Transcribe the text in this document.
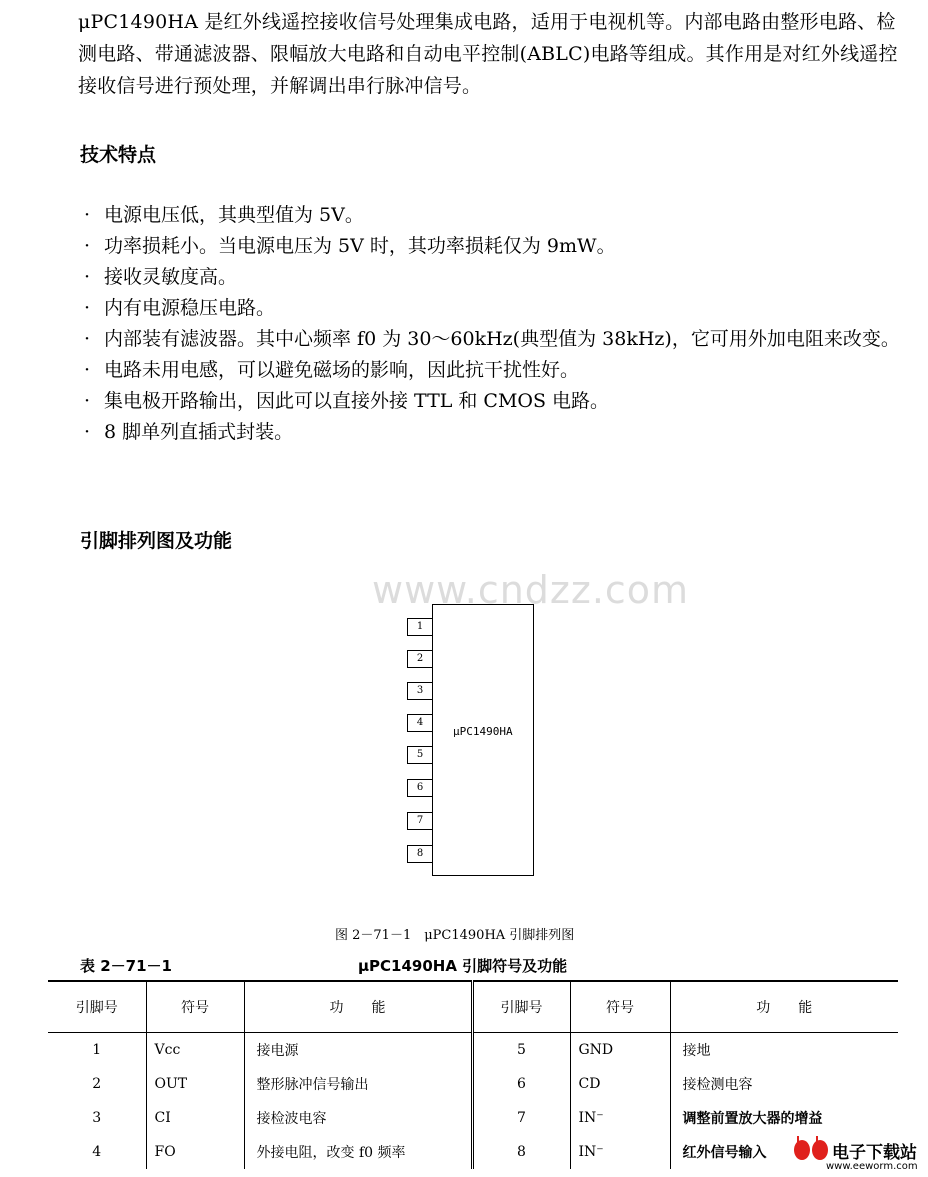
μPC1490HA 是红外线遥控接收信号处理集成电路，适用于电视机等。内部电路由整形电路、检测电路、带通滤波器、限幅放大电路和自动电平控制(ABLC)电路等组成。其作用是对红外线遥控接收信号进行预处理，并解调出串行脉冲信号。

技术特点
· 电源电压低，其典型值为 5V。
· 功率损耗小。当电源电压为 5V 时，其功率损耗仅为 9mW。
· 接收灵敏度高。
· 内有电源稳压电路。
· 内部装有滤波器。其中心频率 f0 为 30～60kHz(典型值为 38kHz)，它可用外加电阻来改变。
· 电路未用电感，可以避免磁场的影响，因此抗干扰性好。
· 集电极开路输出，因此可以直接外接 TTL 和 CMOS 电路。
· 8 脚单列直插式封装。
引脚排列图及功能
www.cndzz.com
μPC1490HA
1
2
3
4
5
6
7
8
图 2－71－1　μPC1490HA 引脚排列图
表 2－71－1	μPC1490HA 引脚符号及功能
引脚号	符号	功　　能	引脚号	符号	功　　能
1	Vcc	接电源	5	GND	接地
2	OUT	整形脉冲信号输出	6	CD	接检测电容
3	CI	接检波电容	7	IN⁻	调整前置放大器的增益
4	FO	外接电阻，改变 f0 频率	8	IN⁻	红外信号输入	电子下载站
www.eeworm.com
